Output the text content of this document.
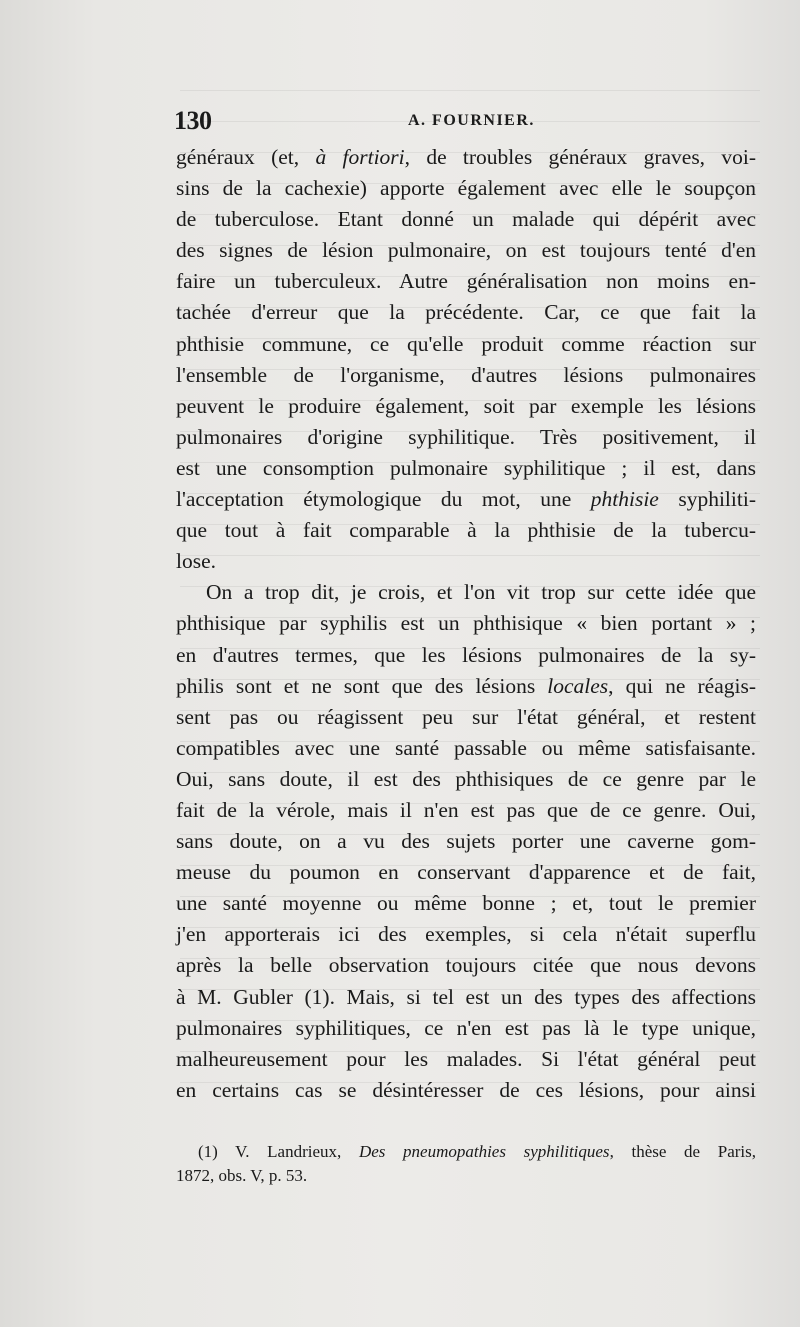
130	A. FOURNIER.

généraux (et, à fortiori, de troubles généraux graves, voi-
sins de la cachexie) apporte également avec elle le soupçon
de tuberculose. Etant donné un malade qui dépérit avec
des signes de lésion pulmonaire, on est toujours tenté d'en
faire un tuberculeux. Autre généralisation non moins en-
tachée d'erreur que la précédente. Car, ce que fait la
phthisie commune, ce qu'elle produit comme réaction sur
l'ensemble de l'organisme, d'autres lésions pulmonaires
peuvent le produire également, soit par exemple les lésions
pulmonaires d'origine syphilitique. Très positivement, il
est une consomption pulmonaire syphilitique ; il est, dans
l'acceptation étymologique du mot, une phthisie syphiliti-
que tout à fait comparable à la phthisie de la tubercu-
lose.

On a trop dit, je crois, et l'on vit trop sur cette idée que
phthisique par syphilis est un phthisique « bien portant » ;
en d'autres termes, que les lésions pulmonaires de la sy-
philis sont et ne sont que des lésions locales, qui ne réagis-
sent pas ou réagissent peu sur l'état général, et restent
compatibles avec une santé passable ou même satisfaisante.
Oui, sans doute, il est des phthisiques de ce genre par le
fait de la vérole, mais il n'en est pas que de ce genre. Oui,
sans doute, on a vu des sujets porter une caverne gom-
meuse du poumon en conservant d'apparence et de fait,
une santé moyenne ou même bonne ; et, tout le premier
j'en apporterais ici des exemples, si cela n'était superflu
après la belle observation toujours citée que nous devons
à M. Gubler (1). Mais, si tel est un des types des affections
pulmonaires syphilitiques, ce n'en est pas là le type unique,
malheureusement pour les malades. Si l'état général peut
en certains cas se désintéresser de ces lésions, pour ainsi

(1) V. Landrieux, Des pneumopathies syphilitiques, thèse de Paris,
1872, obs. V, p. 53.
